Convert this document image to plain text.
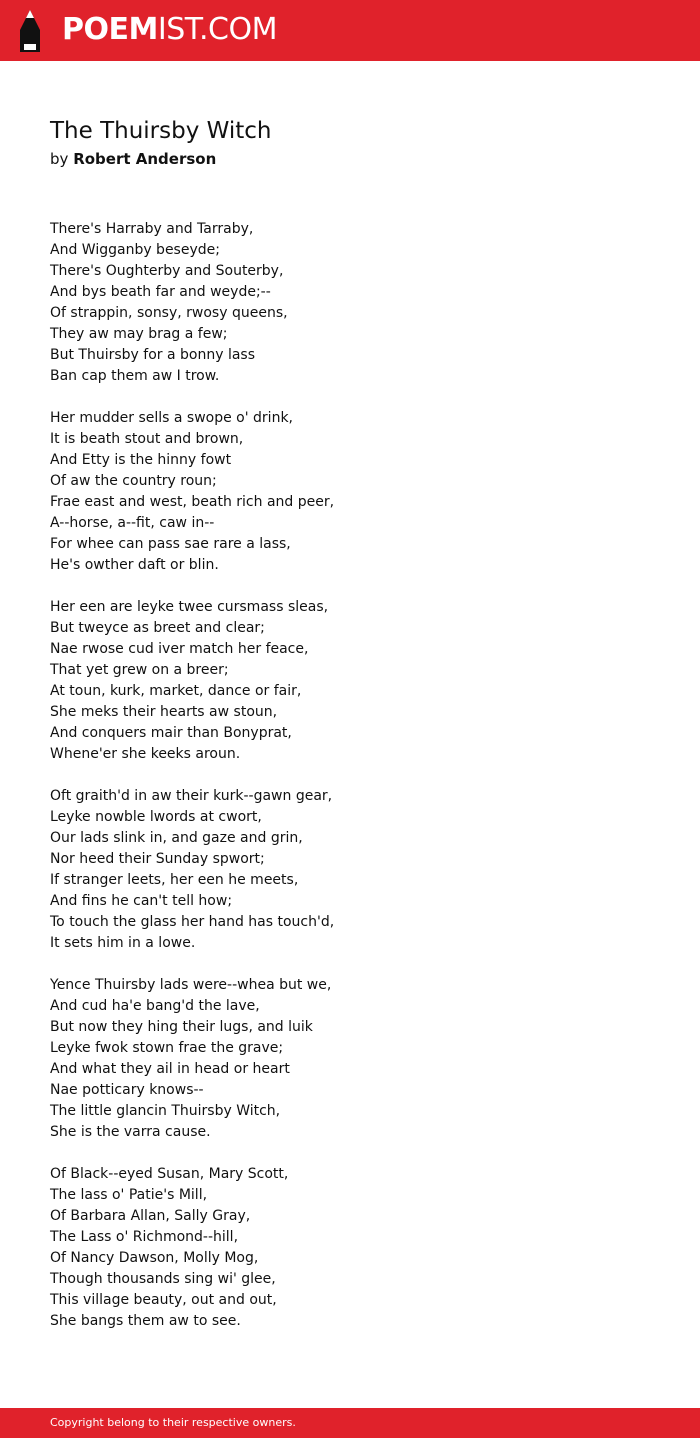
POEMIST.COM
The Thuirsby Witch
by Robert Anderson
There's Harraby and Tarraby,
And Wigganby beseyde;
There's Oughterby and Souterby,
And bys beath far and weyde;--
Of strappin, sonsy, rwosy queens,
They aw may brag a few;
But Thuirsby for a bonny lass
Ban cap them aw I trow.
Her mudder sells a swope o' drink,
It is beath stout and brown,
And Etty is the hinny fowt
Of aw the country roun;
Frae east and west, beath rich and peer,
A--horse, a--fit, caw in--
For whee can pass sae rare a lass,
He's owther daft or blin.
Her een are leyke twee cursmass sleas,
But tweyce as breet and clear;
Nae rwose cud iver match her feace,
That yet grew on a breer;
At toun, kurk, market, dance or fair,
She meks their hearts aw stoun,
And conquers mair than Bonyprat,
Whene'er she keeks aroun.
Oft graith'd in aw their kurk--gawn gear,
Leyke nowble lwords at cwort,
Our lads slink in, and gaze and grin,
Nor heed their Sunday spwort;
If stranger leets, her een he meets,
And fins he can't tell how;
To touch the glass her hand has touch'd,
It sets him in a lowe.
Yence Thuirsby lads were--whea but we,
And cud ha'e bang'd the lave,
But now they hing their lugs, and luik
Leyke fwok stown frae the grave;
And what they ail in head or heart
Nae potticary knows--
The little glancin Thuirsby Witch,
She is the varra cause.
Of Black--eyed Susan, Mary Scott,
The lass o' Patie's Mill,
Of Barbara Allan, Sally Gray,
The Lass o' Richmond--hill,
Of Nancy Dawson, Molly Mog,
Though thousands sing wi' glee,
This village beauty, out and out,
She bangs them aw to see.
Copyright belong to their respective owners.
